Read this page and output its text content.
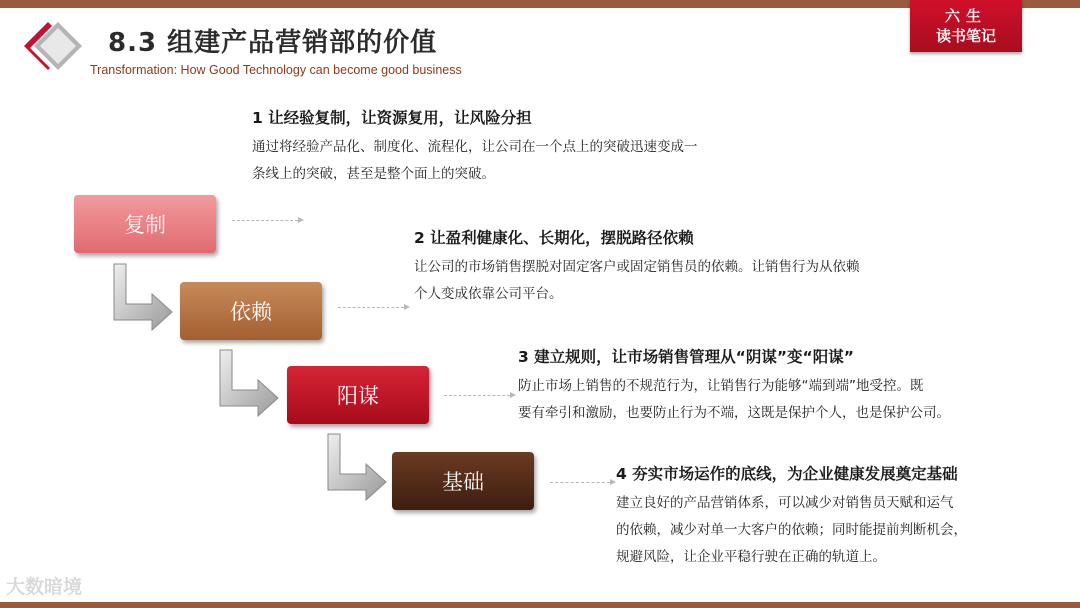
8.3 组建产品营销部的价值
Transformation: How Good Technology can become good business
六生
读书笔记
复制
依赖
阳谋
基础
1 让经验复制，让资源复用，让风险分担
通过将经验产品化、制度化、流程化，让公司在一个点上的突破迅速变成一
条线上的突破，甚至是整个面上的突破。
2 让盈利健康化、长期化，摆脱路径依赖
让公司的市场销售摆脱对固定客户或固定销售员的依赖。让销售行为从依赖
个人变成依靠公司平台。
3 建立规则，让市场销售管理从“阴谋”变“阳谋”
防止市场上销售的不规范行为，让销售行为能够“端到端”地受控。既
要有牵引和激励，也要防止行为不端，这既是保护个人，也是保护公司。
4 夯实市场运作的底线，为企业健康发展奠定基础
建立良好的产品营销体系，可以减少对销售员天赋和运气
的依赖，减少对单一大客户的依赖；同时能提前判断机会，
规避风险，让企业平稳行驶在正确的轨道上。
大数暗境
